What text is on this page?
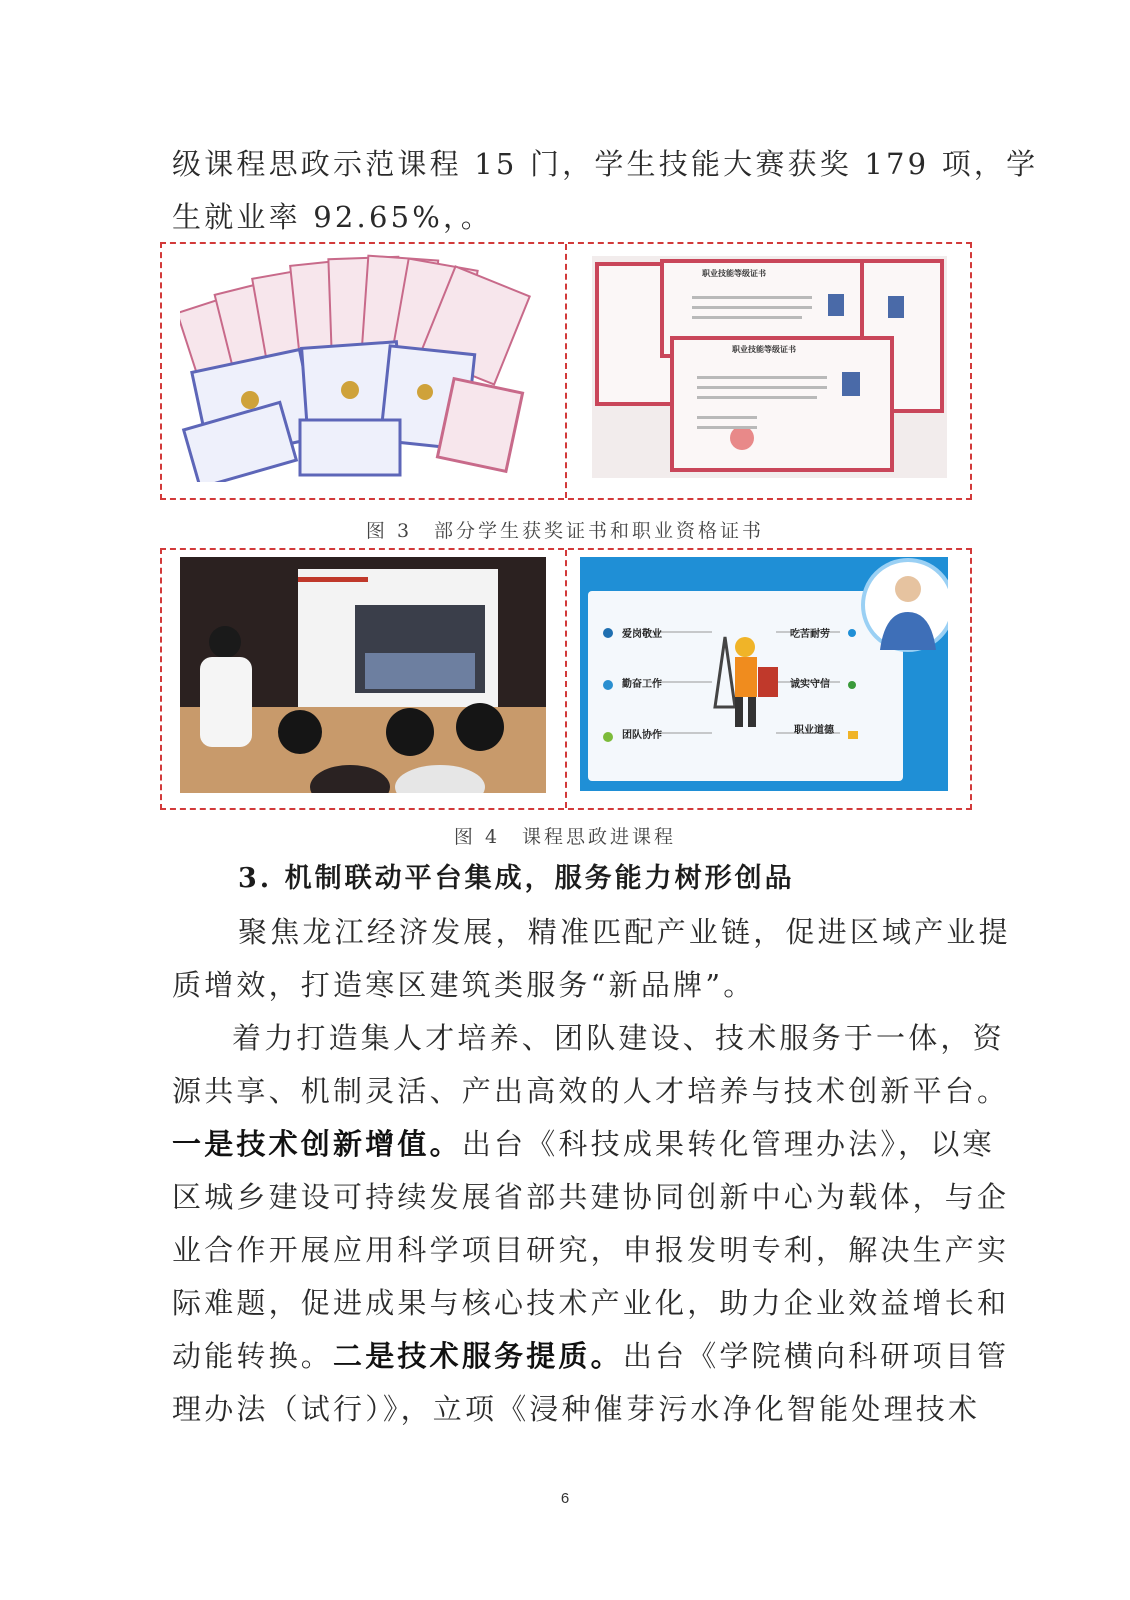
级课程思政示范课程 15 门，学生技能大赛获奖 179 项，学
生就业率 92.65%，。
职业技能等级证书
职业技能等级证书
图 3　部分学生获奖证书和职业资格证书
爱岗敬业
勤奋工作
团队协作
吃苦耐劳
诚实守信
职业道德
图 4　课程思政进课程
3. 机制联动平台集成，服务能力树形创品
聚焦龙江经济发展，精准匹配产业链，促进区域产业提
质增效，打造寒区建筑类服务“新品牌”。
着力打造集人才培养、团队建设、技术服务于一体，资
源共享、机制灵活、产出高效的人才培养与技术创新平台。
一是技术创新增值。出台《科技成果转化管理办法》，以寒
区城乡建设可持续发展省部共建协同创新中心为载体，与企
业合作开展应用科学项目研究，申报发明专利，解决生产实
际难题，促进成果与核心技术产业化，助力企业效益增长和
动能转换。二是技术服务提质。出台《学院横向科研项目管
理办法（试行）》，立项《浸种催芽污水净化智能处理技术
6
